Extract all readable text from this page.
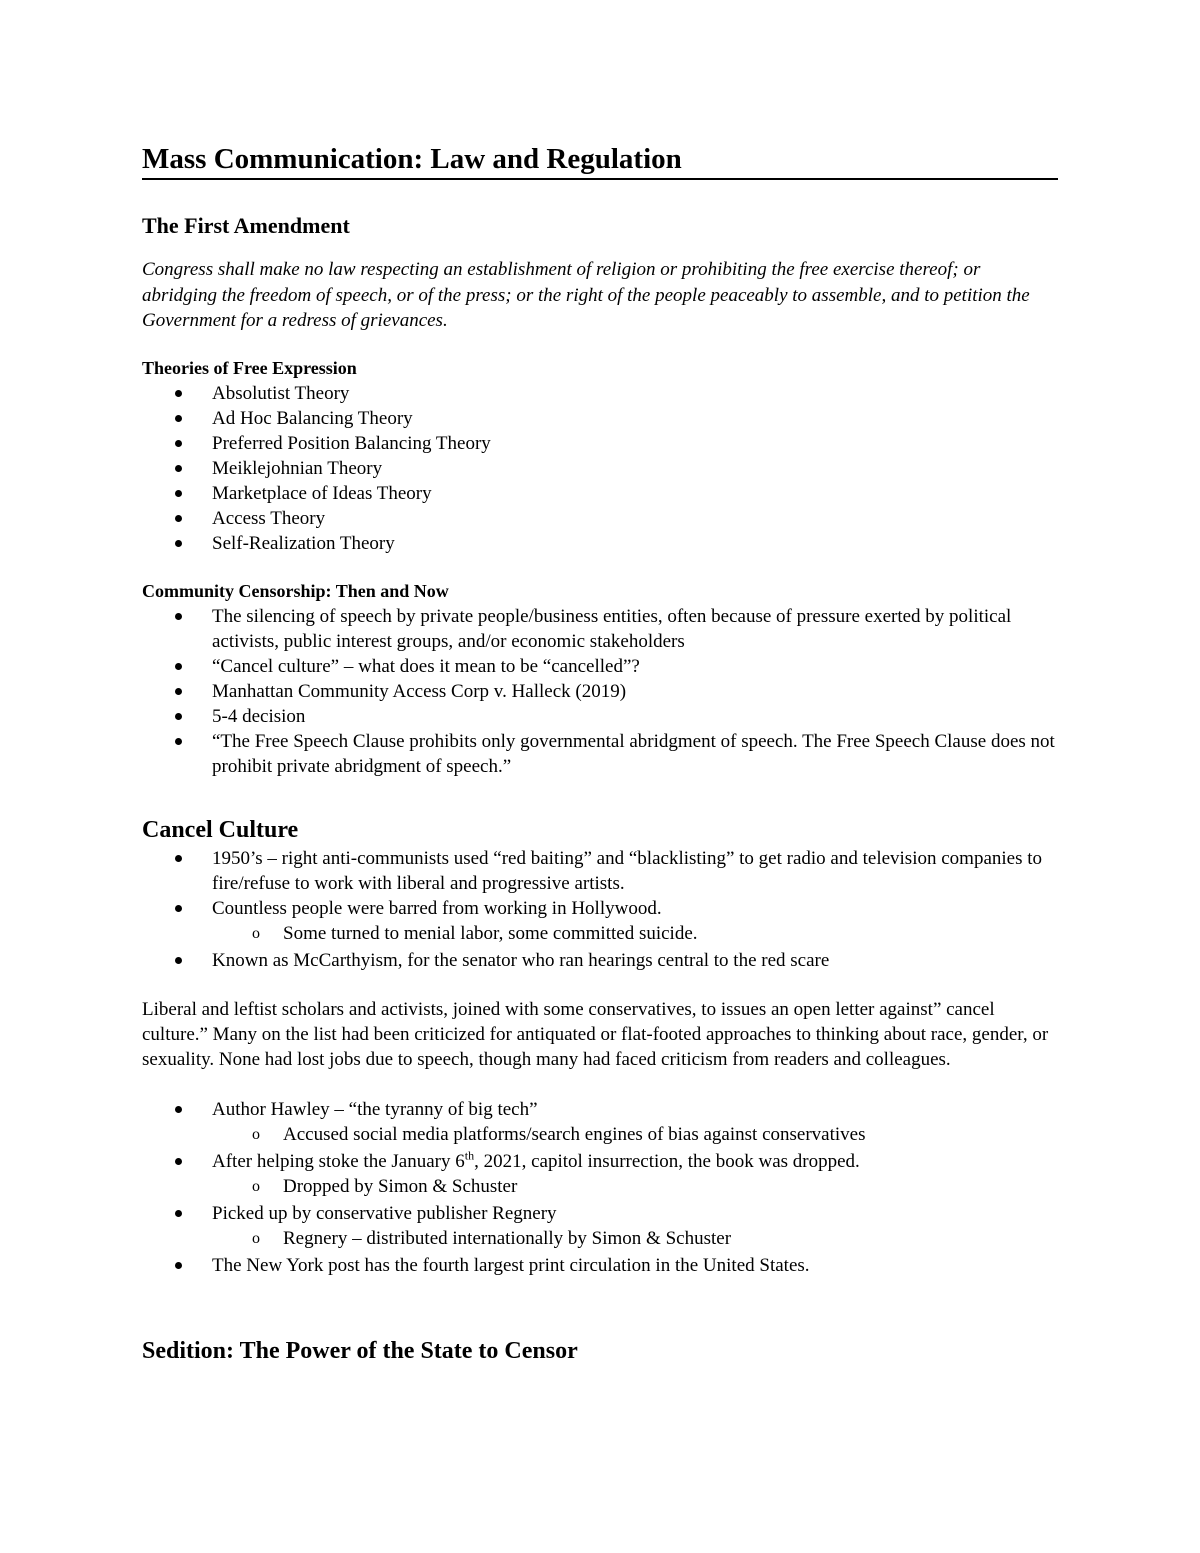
Mass Communication: Law and Regulation
The First Amendment

Congress shall make no law respecting an establishment of religion or prohibiting the free exercise thereof; or abridging the freedom of speech, or of the press; or the right of the people peaceably to assemble, and to petition the Government for a redress of grievances.

Theories of Free Expression

Absolutist Theory
Ad Hoc Balancing Theory
Preferred Position Balancing Theory
Meiklejohnian Theory
Marketplace of Ideas Theory
Access Theory
Self-Realization Theory

Community Censorship: Then and Now

The silencing of speech by private people/business entities, often because of pressure exerted by political activists, public interest groups, and/or economic stakeholders
“Cancel culture” – what does it mean to be “cancelled”?
Manhattan Community Access Corp v. Halleck (2019)
5-4 decision
“The Free Speech Clause prohibits only governmental abridgment of speech. The Free Speech Clause does not prohibit private abridgment of speech.”
Cancel Culture
1950’s – right anti-communists used “red baiting” and “blacklisting” to get radio and television companies to fire/refuse to work with liberal and progressive artists.
Countless people were barred from working in Hollywood.
o Some turned to menial labor, some committed suicide.
Known as McCarthyism, for the senator who ran hearings central to the red scare

Liberal and leftist scholars and activists, joined with some conservatives, to issues an open letter against” cancel culture.” Many on the list had been criticized for antiquated or flat-footed approaches to thinking about race, gender, or sexuality. None had lost jobs due to speech, though many had faced criticism from readers and colleagues.

Author Hawley – “the tyranny of big tech”
o Accused social media platforms/search engines of bias against conservatives
After helping stoke the January 6th, 2021, capitol insurrection, the book was dropped.
o Dropped by Simon & Schuster
Picked up by conservative publisher Regnery
o Regnery – distributed internationally by Simon & Schuster
The New York post has the fourth largest print circulation in the United States.
Sedition: The Power of the State to Censor
